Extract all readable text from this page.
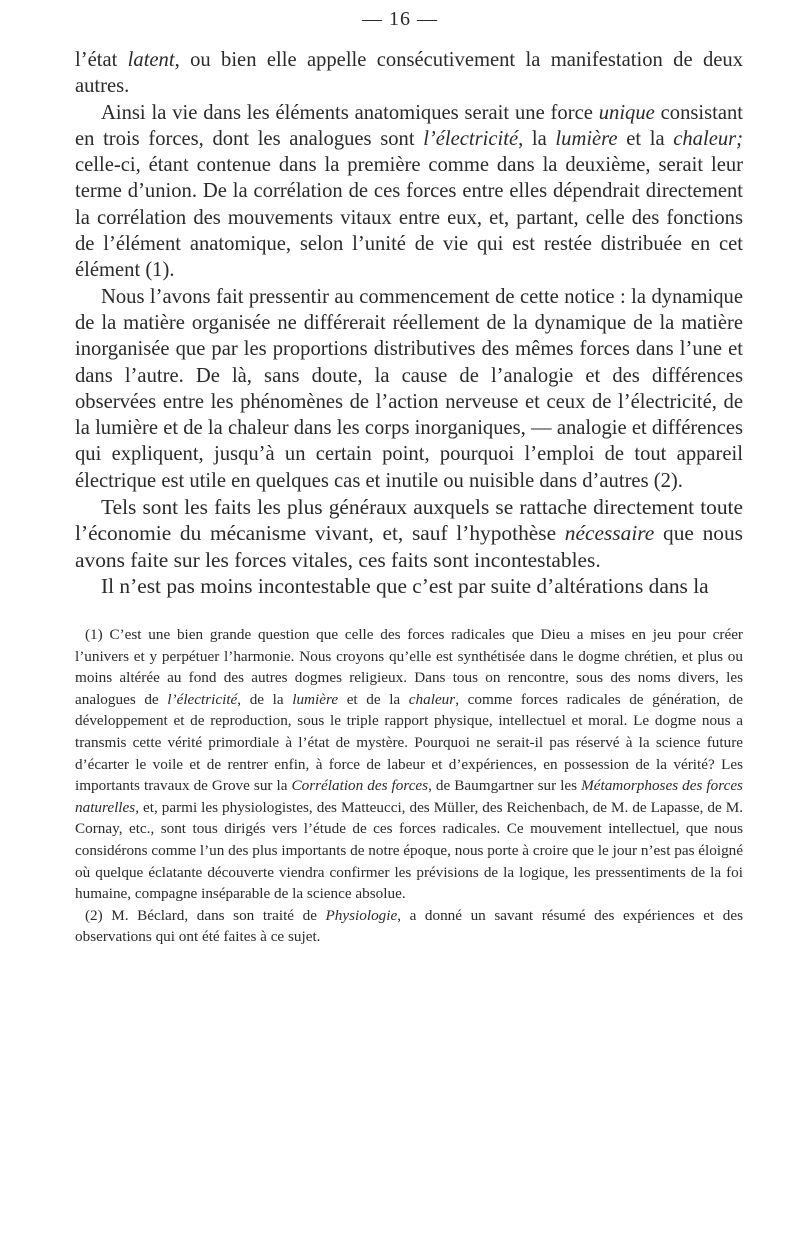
— 16 —

l’état latent, ou bien elle appelle consécutivement la manifestation de deux autres.

Ainsi la vie dans les éléments anatomiques serait une force unique consistant en trois forces, dont les analogues sont l’électricité, la lumière et la chaleur; celle-ci, étant contenue dans la première comme dans la deuxième, serait leur terme d’union. De la corrélation de ces forces entre elles dépendrait directement la corrélation des mouvements vitaux entre eux, et, partant, celle des fonctions de l’élément anatomique, selon l’unité de vie qui est restée distribuée en cet élément (1).

Nous l’avons fait pressentir au commencement de cette notice : la dynamique de la matière organisée ne différerait réellement de la dynamique de la matière inorganisée que par les proportions distributives des mêmes forces dans l’une et dans l’autre. De là, sans doute, la cause de l’analogie et des différences observées entre les phénomènes de l’action nerveuse et ceux de l’électricité, de la lumière et de la chaleur dans les corps inorganiques, — analogie et différences qui expliquent, jusqu’à un certain point, pourquoi l’emploi de tout appareil électrique est utile en quelques cas et inutile ou nuisible dans d’autres (2).

Tels sont les faits les plus généraux auxquels se rattache directement toute l’économie du mécanisme vivant, et, sauf l’hypothèse nécessaire que nous avons faite sur les forces vitales, ces faits sont incontestables.

Il n’est pas moins incontestable que c’est par suite d’altérations dans la

(1) C’est une bien grande question que celle des forces radicales que Dieu a mises en jeu pour créer l’univers et y perpétuer l’harmonie. Nous croyons qu’elle est synthétisée dans le dogme chrétien, et plus ou moins altérée au fond des autres dogmes religieux. Dans tous on rencontre, sous des noms divers, les analogues de l’électricité, de la lumière et de la chaleur, comme forces radicales de génération, de développement et de reproduction, sous le triple rapport physique, intellectuel et moral. Le dogme nous a transmis cette vérité primordiale à l’état de mystère. Pourquoi ne serait-il pas réservé à la science future d’écarter le voile et de rentrer enfin, à force de labeur et d’expériences, en possession de la vérité? Les importants travaux de Grove sur la Corrélation des forces, de Baumgartner sur les Métamorphoses des forces naturelles, et, parmi les physiologistes, des Matteucci, des Müller, des Reichenbach, de M. de Lapasse, de M. Cornay, etc., sont tous dirigés vers l’étude de ces forces radicales. Ce mouvement intellectuel, que nous considérons comme l’un des plus importants de notre époque, nous porte à croire que le jour n’est pas éloigné où quelque éclatante découverte viendra confirmer les prévisions de la logique, les pressentiments de la foi humaine, compagne inséparable de la science absolue.

(2) M. Béclard, dans son traité de Physiologie, a donné un savant résumé des expériences et des observations qui ont été faites à ce sujet.
